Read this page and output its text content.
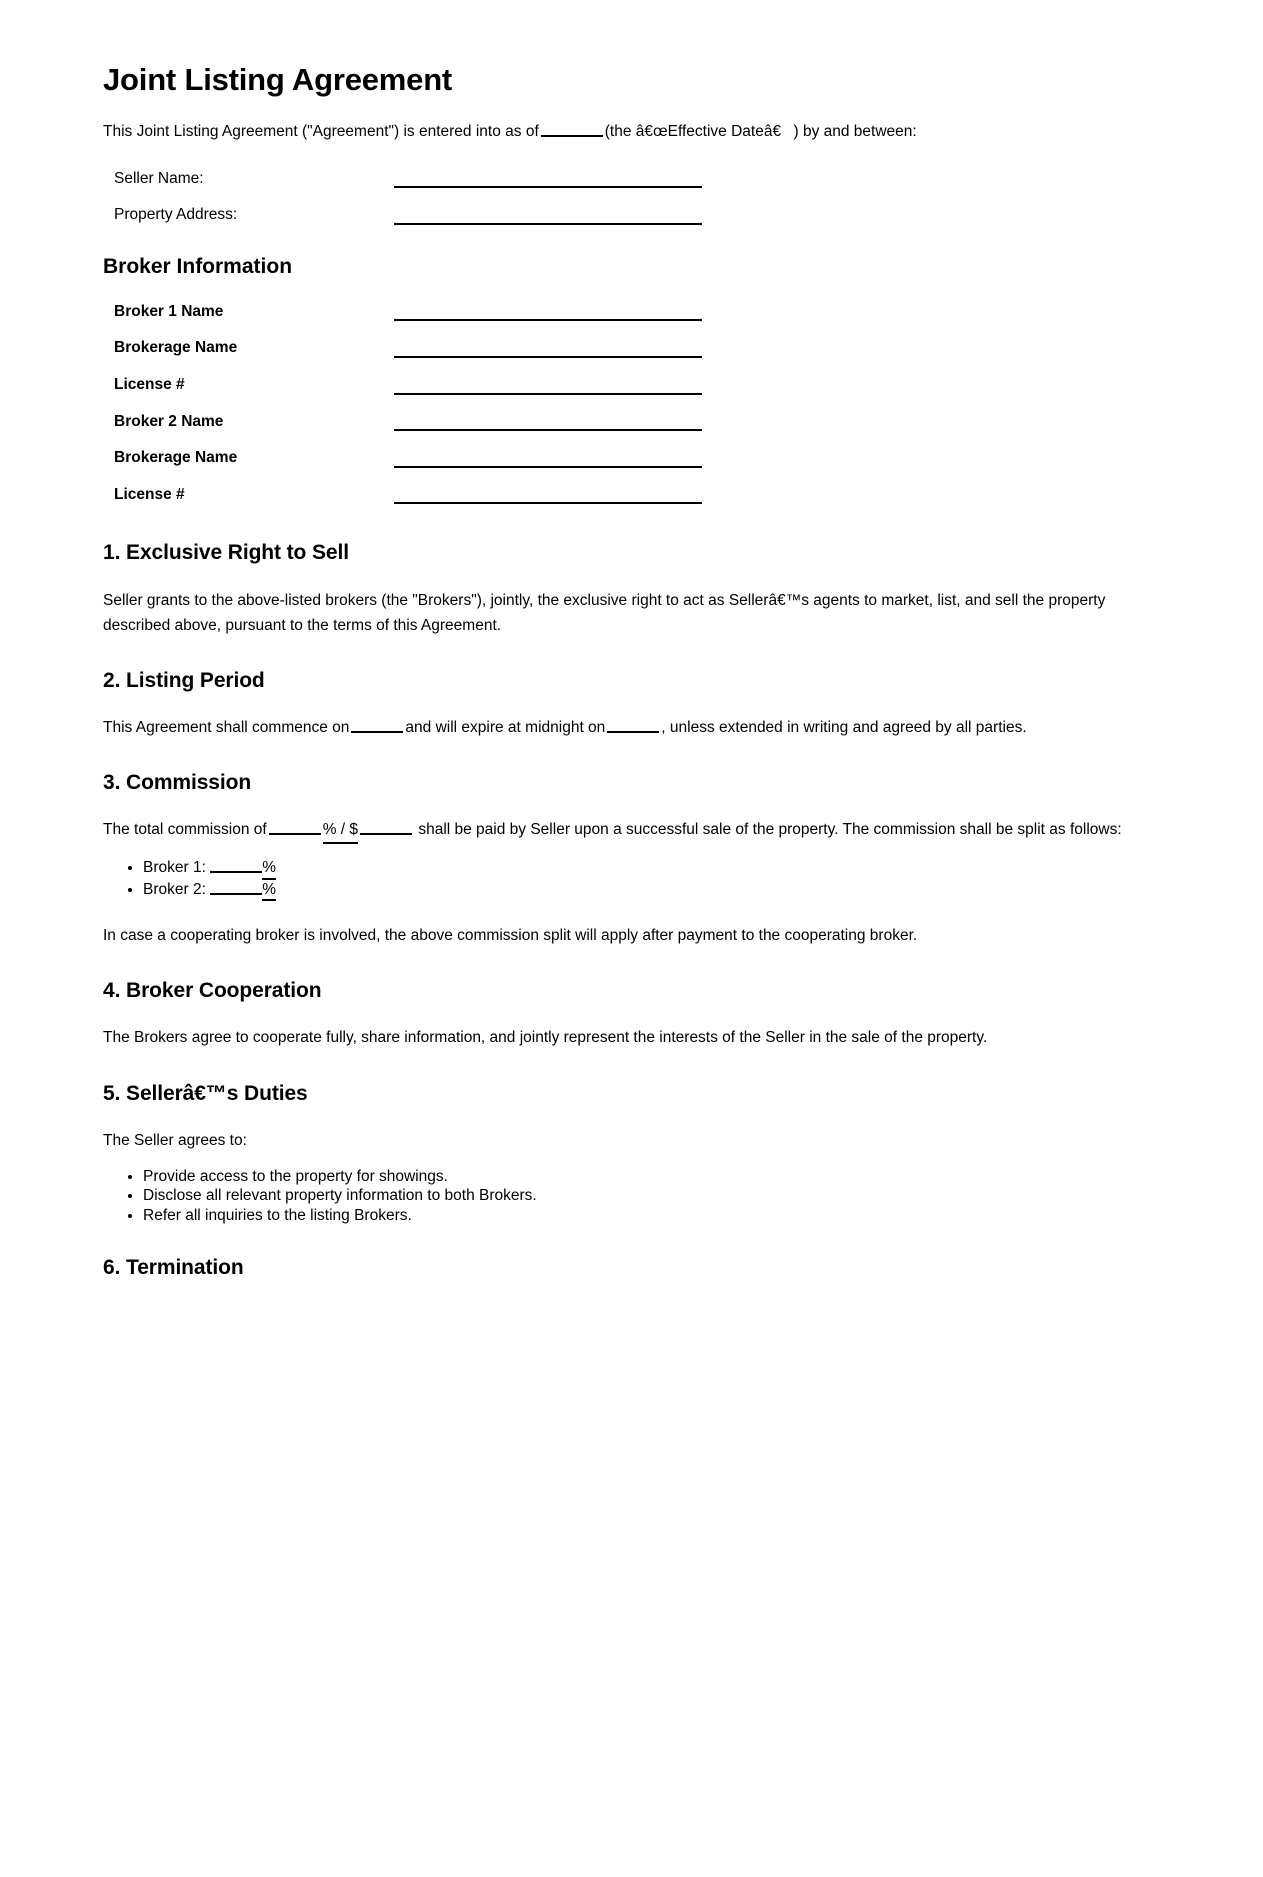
Joint Listing Agreement

This Joint Listing Agreement ("Agreement") is entered into as of	(the â€œEffective Dateâ€) by and between:

Seller Name:
Property Address:
Broker Information
Broker 1 Name
Brokerage Name
License #
Broker 2 Name
Brokerage Name
License #
1. Exclusive Right to Sell

Seller grants to the above-listed brokers (the "Brokers"), jointly, the exclusive right to act as Sellerâ€™s agents to market, list, and sell the property described above, pursuant to the terms of this Agreement.

2. Listing Period

This Agreement shall commence on	and will expire at midnight on	, unless extended in writing and agreed by all parties.

3. Commission

The total commission of	% / $	shall be paid by Seller upon a successful sale of the property. The commission shall be split as follows:

• Broker 1:	%
• Broker 2:	%

In case a cooperating broker is involved, the above commission split will apply after payment to the cooperating broker.

4. Broker Cooperation

The Brokers agree to cooperate fully, share information, and jointly represent the interests of the Seller in the sale of the property.

5. Sellerâ€™s Duties

The Seller agrees to:

• Provide access to the property for showings.
• Disclose all relevant property information to both Brokers.
• Refer all inquiries to the listing Brokers.
6. Termination
